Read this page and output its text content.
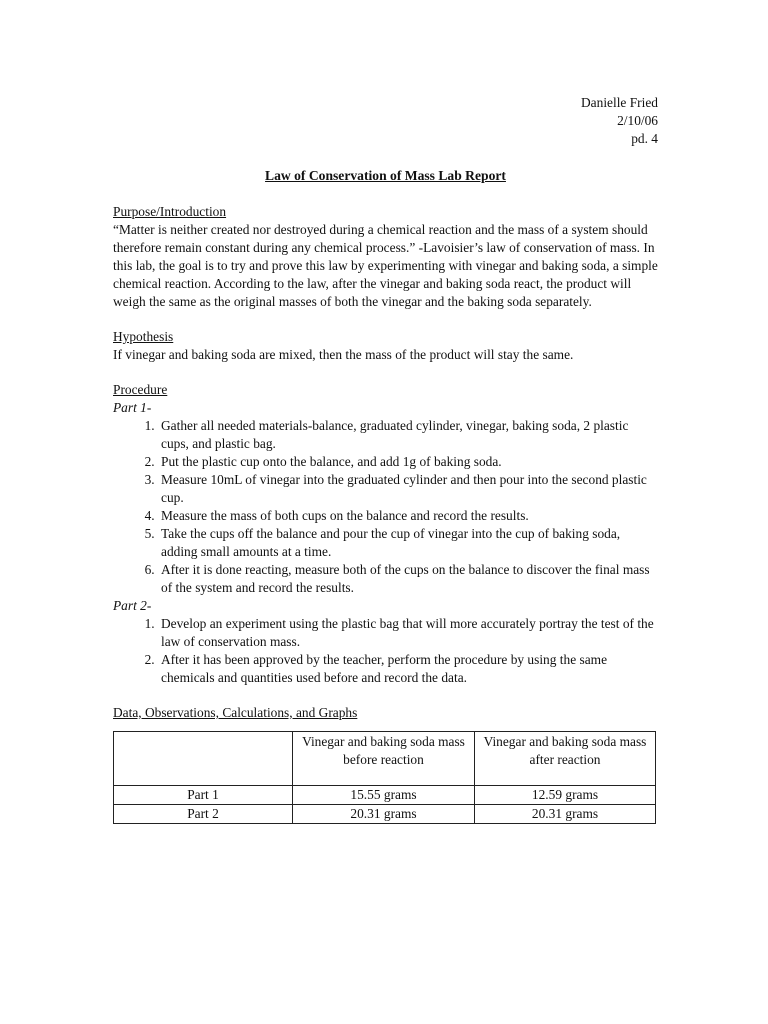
Danielle Fried
2/10/06
pd. 4
Law of Conservation of Mass Lab Report
Purpose/Introduction

“Matter is neither created nor destroyed during a chemical reaction and the mass of a system should therefore remain constant during any chemical process.” -Lavoisier’s law of conservation of mass. In this lab, the goal is to try and prove this law by experimenting with vinegar and baking soda, a simple chemical reaction. According to the law, after the vinegar and baking soda react, the product will weigh the same as the original masses of both the vinegar and the baking soda separately.

Hypothesis

If vinegar and baking soda are mixed, then the mass of the product will stay the same.

Procedure
Part 1-
1. Gather all needed materials-balance, graduated cylinder, vinegar, baking soda, 2 plastic cups, and plastic bag.
2. Put the plastic cup onto the balance, and add 1g of baking soda.
3. Measure 10mL of vinegar into the graduated cylinder and then pour into the second plastic cup.
4. Measure the mass of both cups on the balance and record the results.
5. Take the cups off the balance and pour the cup of vinegar into the cup of baking soda, adding small amounts at a time.
6. After it is done reacting, measure both of the cups on the balance to discover the final mass of the system and record the results.
Part 2-
1. Develop an experiment using the plastic bag that will more accurately portray the test of the law of conservation mass.
2. After it has been approved by the teacher, perform the procedure by using the same chemicals and quantities used before and record the data.
Data, Observations, Calculations, and Graphs
	Vinegar and baking soda mass before reaction	Vinegar and baking soda mass after reaction
Part 1	15.55 grams	12.59 grams
Part 2	20.31 grams	20.31 grams
